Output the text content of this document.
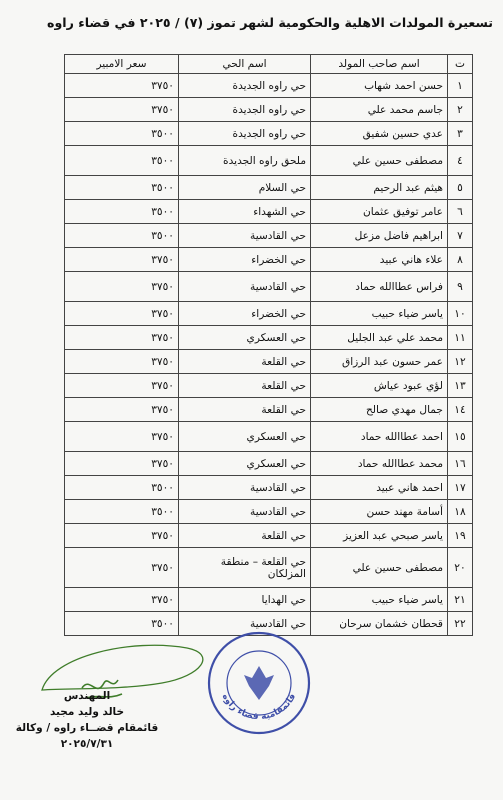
تسعيرة المولدات الاهلية والحكومية لشهر تموز (٧) / ٢٠٢٥ في قضاء راوه
ت	اسم صاحب المولد	اسم الحي	سعر الامبير
١	حسن احمد شهاب	حي راوه الجديدة	٣٧٥٠
٢	جاسم محمد علي	حي راوه الجديدة	٣٧٥٠
٣	عدي حسين شفيق	حي راوه الجديدة	٣٥٠٠
٤	مصطفى حسين علي	ملحق راوه الجديدة	٣٥٠٠
٥	هيثم عبد الرحيم	حي السلام	٣٥٠٠
٦	عامر توفيق عثمان	حي الشهداء	٣٥٠٠
٧	ابراهيم فاضل مزعل	حي القادسية	٣٥٠٠
٨	علاء هاني عبيد	حي الخضراء	٣٧٥٠
٩	فراس عطاالله حماد	حي القادسية	٣٧٥٠
١٠	ياسر ضياء حبيب	حي الخضراء	٣٧٥٠
١١	محمد علي عبد الجليل	حي العسكري	٣٧٥٠
١٢	عمر حسون عبد الرزاق	حي القلعة	٣٧٥٠
١٣	لؤي عبود عياش	حي القلعة	٣٧٥٠
١٤	جمال مهدي صالح	حي القلعة	٣٧٥٠
١٥	احمد عطاالله حماد	حي العسكري	٣٧٥٠
١٦	محمد عطاالله حماد	حي العسكري	٣٧٥٠
١٧	احمد هاني عبيد	حي القادسية	٣٥٠٠
١٨	أسامة مهند حسن	حي القادسية	٣٥٠٠
١٩	ياسر صبحي عبد العزيز	حي القلعة	٣٧٥٠
٢٠	مصطفى حسين علي	حي القلعة – منطقة المزلكان	٣٧٥٠
٢١	ياسر ضياء حبيب	حي الهدايا	٣٧٥٠
٢٢	قحطان خشمان سرحان	حي القادسية	٣٥٠٠
قائمقامية قضاء راوه
المهندس
خالد وليد مجيد
قائمقام قضــاء راوه / وكالة
٢٠٢٥/٧/٣١
